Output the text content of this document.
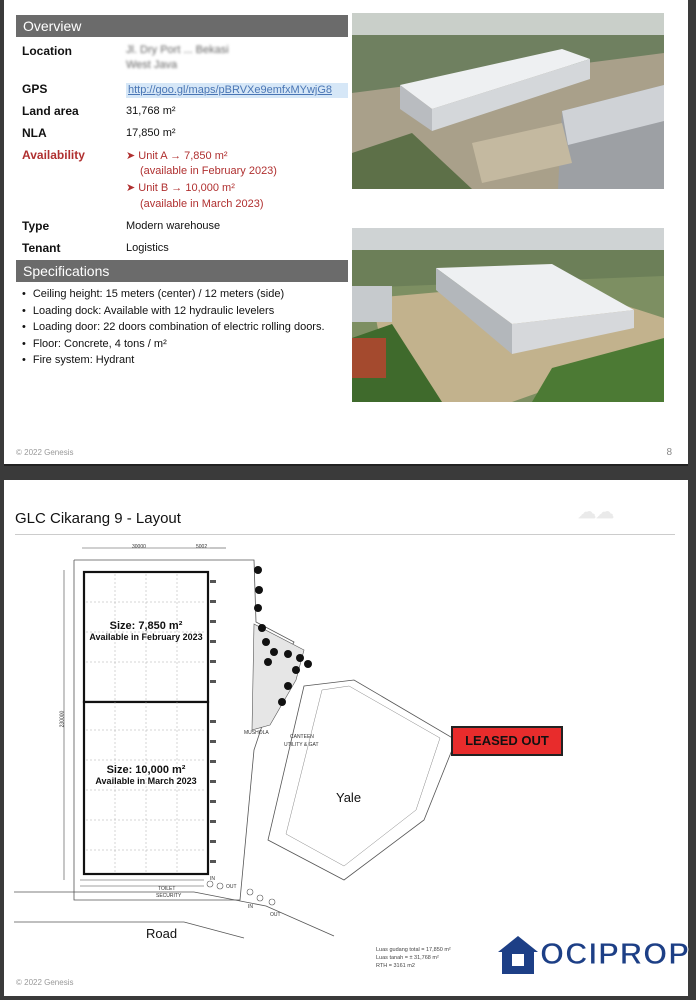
Overview
Location	Jl. Dry Port ... Bekasi
West Java
GPS	http://goo.gl/maps/pBRVXe9emfxMYwjG8
Land area	31,768 m²
NLA	17,850 m²
Availability	➤ Unit A → 7,850 m²
(available in February 2023)
➤ Unit B → 10,000 m²
(available in March 2023)
Type	Modern warehouse
Tenant	Logistics
Specifications
• Ceiling height: 15 meters (center) / 12 meters (side)
• Loading dock: Available with 12 hydraulic levelers
• Loading door: 22 doors combination of electric rolling doors.
• Floor: Concrete, 4 tons / m²
• Fire system: Hydrant
© 2022 Genesis	8
GLC Cikarang 9 - Layout	☁︎☁︎
30000	5002
230000
Size: 7,850 m²
Available in February 2023
Size: 10,000 m²
Available in March 2023
MUSHOLA
CANTEEN
UTILITY & GAT
TOILET
SECURITY
IN
OUT
IN
OUT
LEASED OUT
Yale
Road
Luas gudang total = 17,850 m²
Luas tanah = ± 31,768 m²
RTH = 3161 m2
© 2022 Genesis
OCIPROP
